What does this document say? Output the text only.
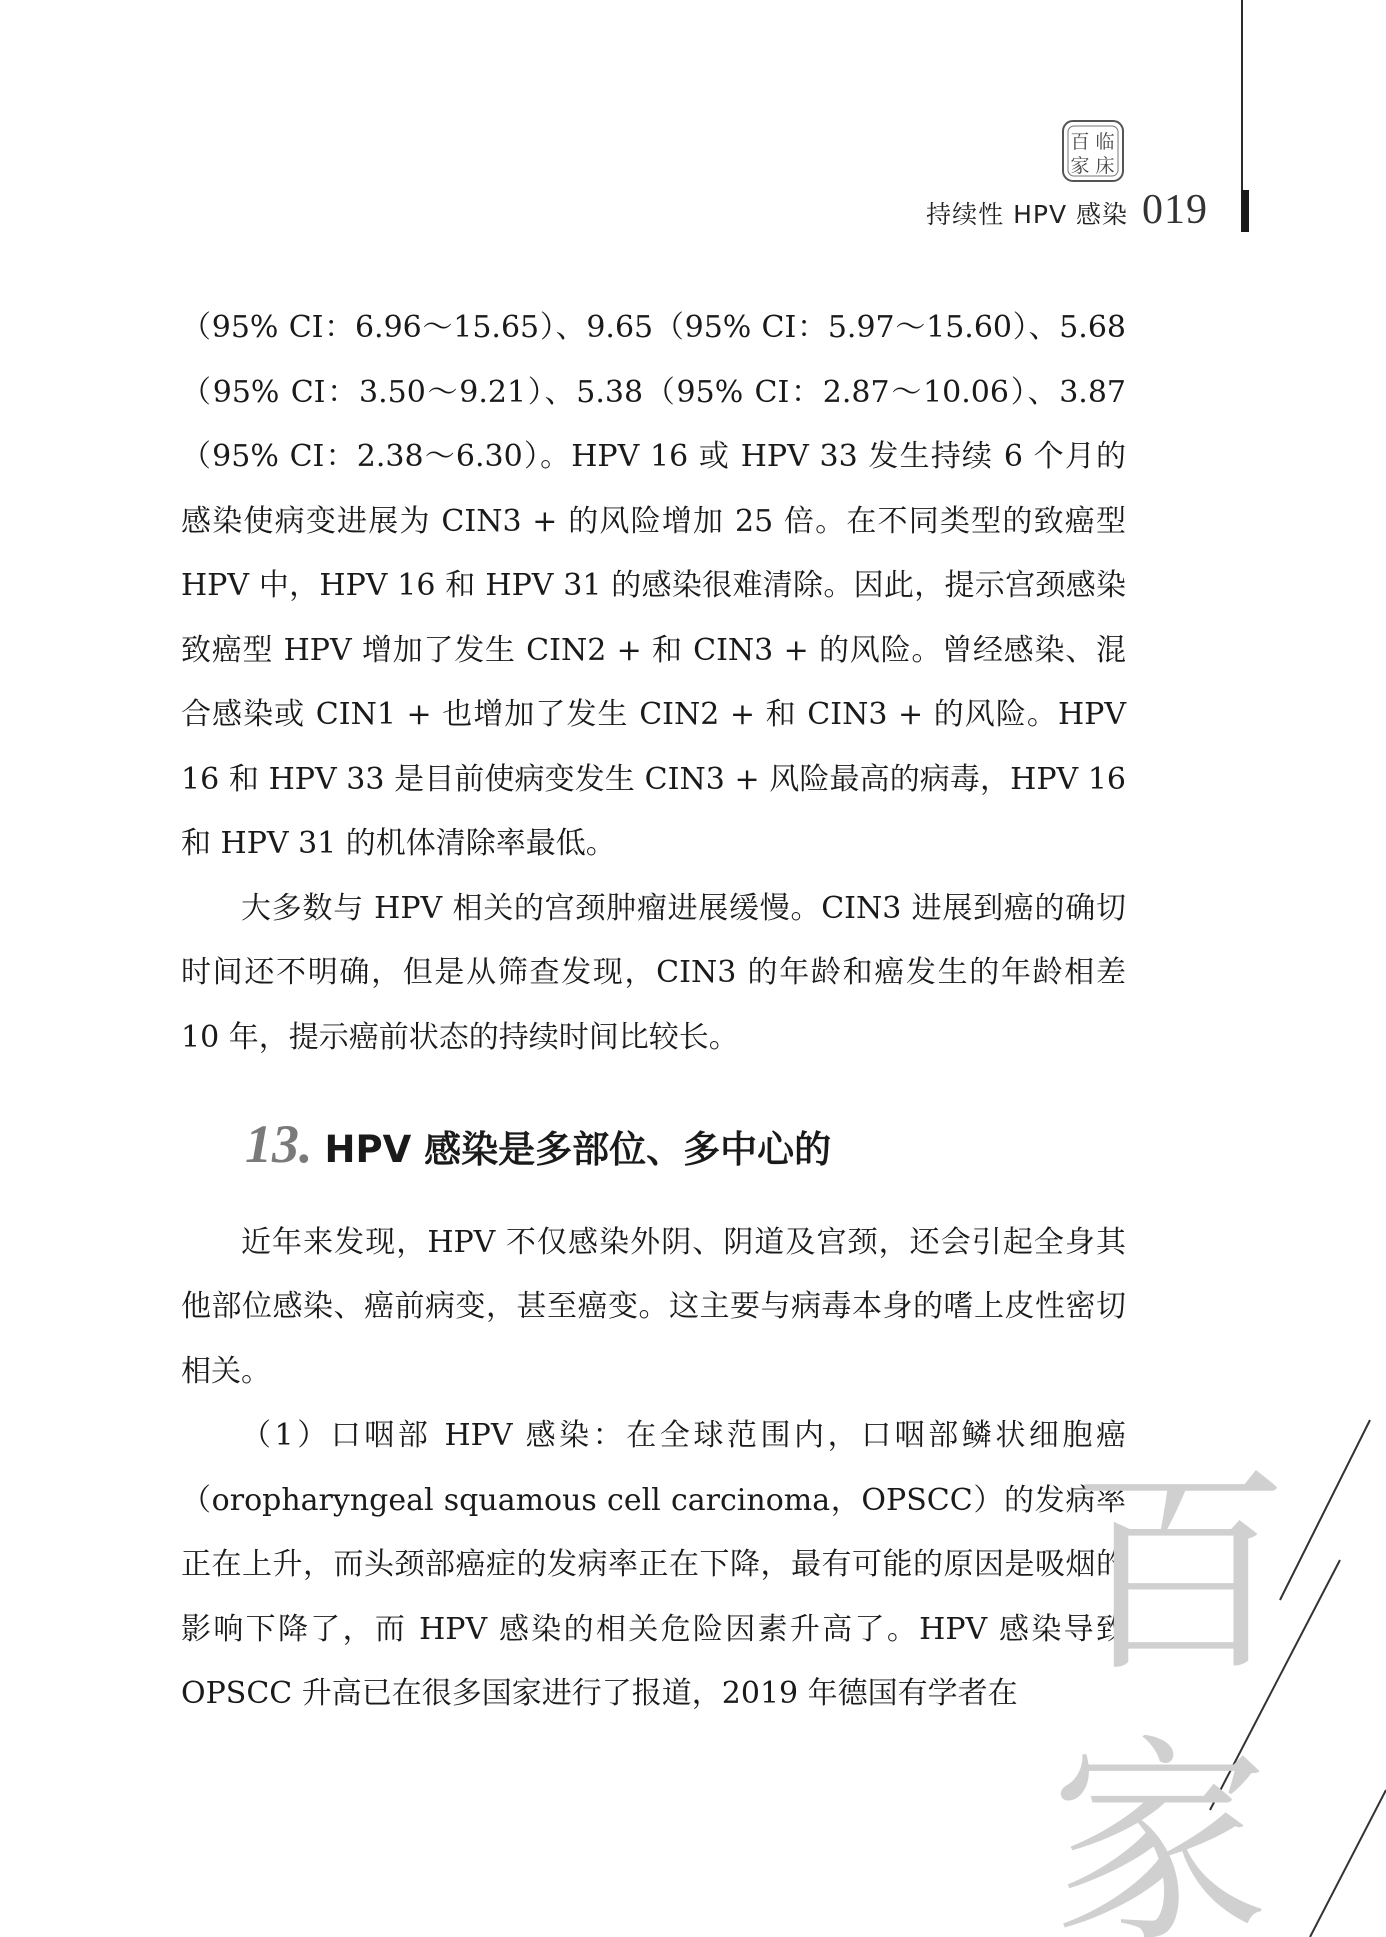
百 临
家 床
持续性 HPV 感染 019

（95% CI：6.96～15.65）、9.65（95% CI：5.97～15.60）、5.68（95% CI：3.50～9.21）、5.38（95% CI：2.87～10.06）、3.87（95% CI：2.38～6.30）。HPV 16 或 HPV 33 发生持续 6 个月的感染使病变进展为 CIN3 + 的风险增加 25 倍。在不同类型的致癌型 HPV 中，HPV 16 和 HPV 31 的感染很难清除。因此，提示宫颈感染致癌型 HPV 增加了发生 CIN2 + 和 CIN3 + 的风险。曾经感染、混合感染或 CIN1 + 也增加了发生 CIN2 + 和 CIN3 + 的风险。HPV 16 和 HPV 33 是目前使病变发生 CIN3 + 风险最高的病毒，HPV 16 和 HPV 31 的机体清除率最低。

大多数与 HPV 相关的宫颈肿瘤进展缓慢。CIN3 进展到癌的确切时间还不明确，但是从筛查发现，CIN3 的年龄和癌发生的年龄相差 10 年，提示癌前状态的持续时间比较长。

13. HPV 感染是多部位、多中心的

近年来发现，HPV 不仅感染外阴、阴道及宫颈，还会引起全身其他部位感染、癌前病变，甚至癌变。这主要与病毒本身的嗜上皮性密切相关。

（1）口咽部 HPV 感染：在全球范围内，口咽部鳞状细胞癌（oropharyngeal squamous cell carcinoma，OPSCC）的发病率正在上升，而头颈部癌症的发病率正在下降，最有可能的原因是吸烟的影响下降了，而 HPV 感染的相关危险因素升高了。HPV 感染导致 OPSCC 升高已在很多国家进行了报道，2019 年德国有学者在 百
家
